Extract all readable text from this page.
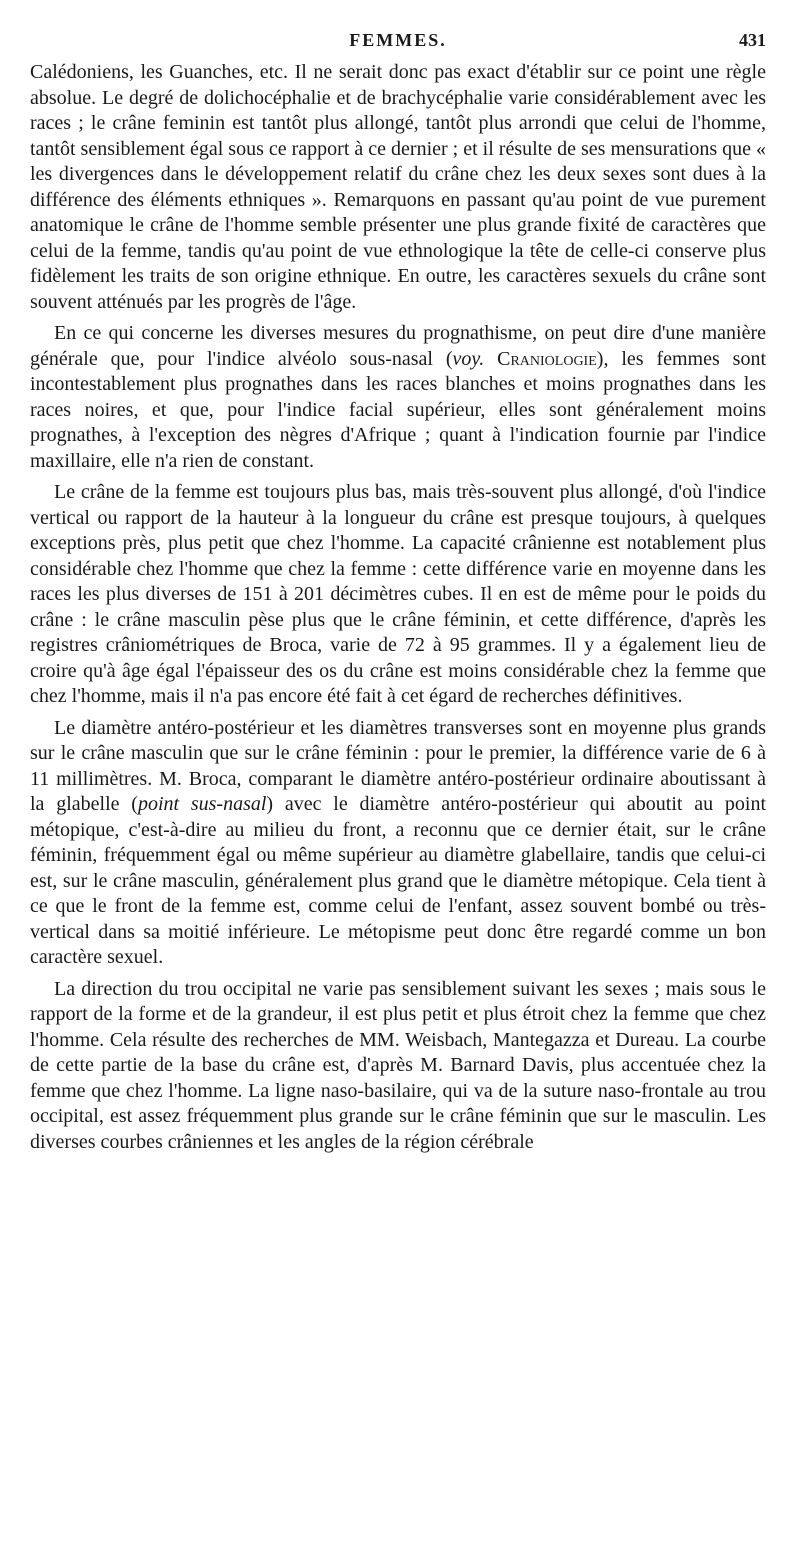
FEMMES.	431

Calédoniens, les Guanches, etc. Il ne serait donc pas exact d'établir sur ce point une règle absolue. Le degré de dolichocéphalie et de brachycéphalie varie considérablement avec les races ; le crâne feminin est tantôt plus allongé, tantôt plus arrondi que celui de l'homme, tantôt sensiblement égal sous ce rapport à ce dernier ; et il résulte de ses mensurations que « les divergences dans le développement relatif du crâne chez les deux sexes sont dues à la différence des éléments ethniques ». Remarquons en passant qu'au point de vue purement anatomique le crâne de l'homme semble présenter une plus grande fixité de caractères que celui de la femme, tandis qu'au point de vue ethnologique la tête de celle-ci conserve plus fidèlement les traits de son origine ethnique. En outre, les caractères sexuels du crâne sont souvent atténués par les progrès de l'âge.

En ce qui concerne les diverses mesures du prognathisme, on peut dire d'une manière générale que, pour l'indice alvéolo sous-nasal (voy. Craniologie), les femmes sont incontestablement plus prognathes dans les races blanches et moins prognathes dans les races noires, et que, pour l'indice facial supérieur, elles sont généralement moins prognathes, à l'exception des nègres d'Afrique ; quant à l'indication fournie par l'indice maxillaire, elle n'a rien de constant.

Le crâne de la femme est toujours plus bas, mais très-souvent plus allongé, d'où l'indice vertical ou rapport de la hauteur à la longueur du crâne est presque toujours, à quelques exceptions près, plus petit que chez l'homme. La capacité crânienne est notablement plus considérable chez l'homme que chez la femme : cette différence varie en moyenne dans les races les plus diverses de 151 à 201 décimètres cubes. Il en est de même pour le poids du crâne : le crâne masculin pèse plus que le crâne féminin, et cette différence, d'après les registres crâniométriques de Broca, varie de 72 à 95 grammes. Il y a également lieu de croire qu'à âge égal l'épaisseur des os du crâne est moins considérable chez la femme que chez l'homme, mais il n'a pas encore été fait à cet égard de recherches définitives.

Le diamètre antéro-postérieur et les diamètres transverses sont en moyenne plus grands sur le crâne masculin que sur le crâne féminin : pour le premier, la différence varie de 6 à 11 millimètres. M. Broca, comparant le diamètre antéro-postérieur ordinaire aboutissant à la glabelle (point sus-nasal) avec le diamètre antéro-postérieur qui aboutit au point métopique, c'est-à-dire au milieu du front, a reconnu que ce dernier était, sur le crâne féminin, fréquemment égal ou même supérieur au diamètre glabellaire, tandis que celui-ci est, sur le crâne masculin, généralement plus grand que le diamètre métopique. Cela tient à ce que le front de la femme est, comme celui de l'enfant, assez souvent bombé ou très-vertical dans sa moitié inférieure. Le métopisme peut donc être regardé comme un bon caractère sexuel.

La direction du trou occipital ne varie pas sensiblement suivant les sexes ; mais sous le rapport de la forme et de la grandeur, il est plus petit et plus étroit chez la femme que chez l'homme. Cela résulte des recherches de MM. Weisbach, Mantegazza et Dureau. La courbe de cette partie de la base du crâne est, d'après M. Barnard Davis, plus accentuée chez la femme que chez l'homme. La ligne naso-basilaire, qui va de la suture naso-frontale au trou occipital, est assez fréquemment plus grande sur le crâne féminin que sur le masculin. Les diverses courbes crâniennes et les angles de la région cérébrale
